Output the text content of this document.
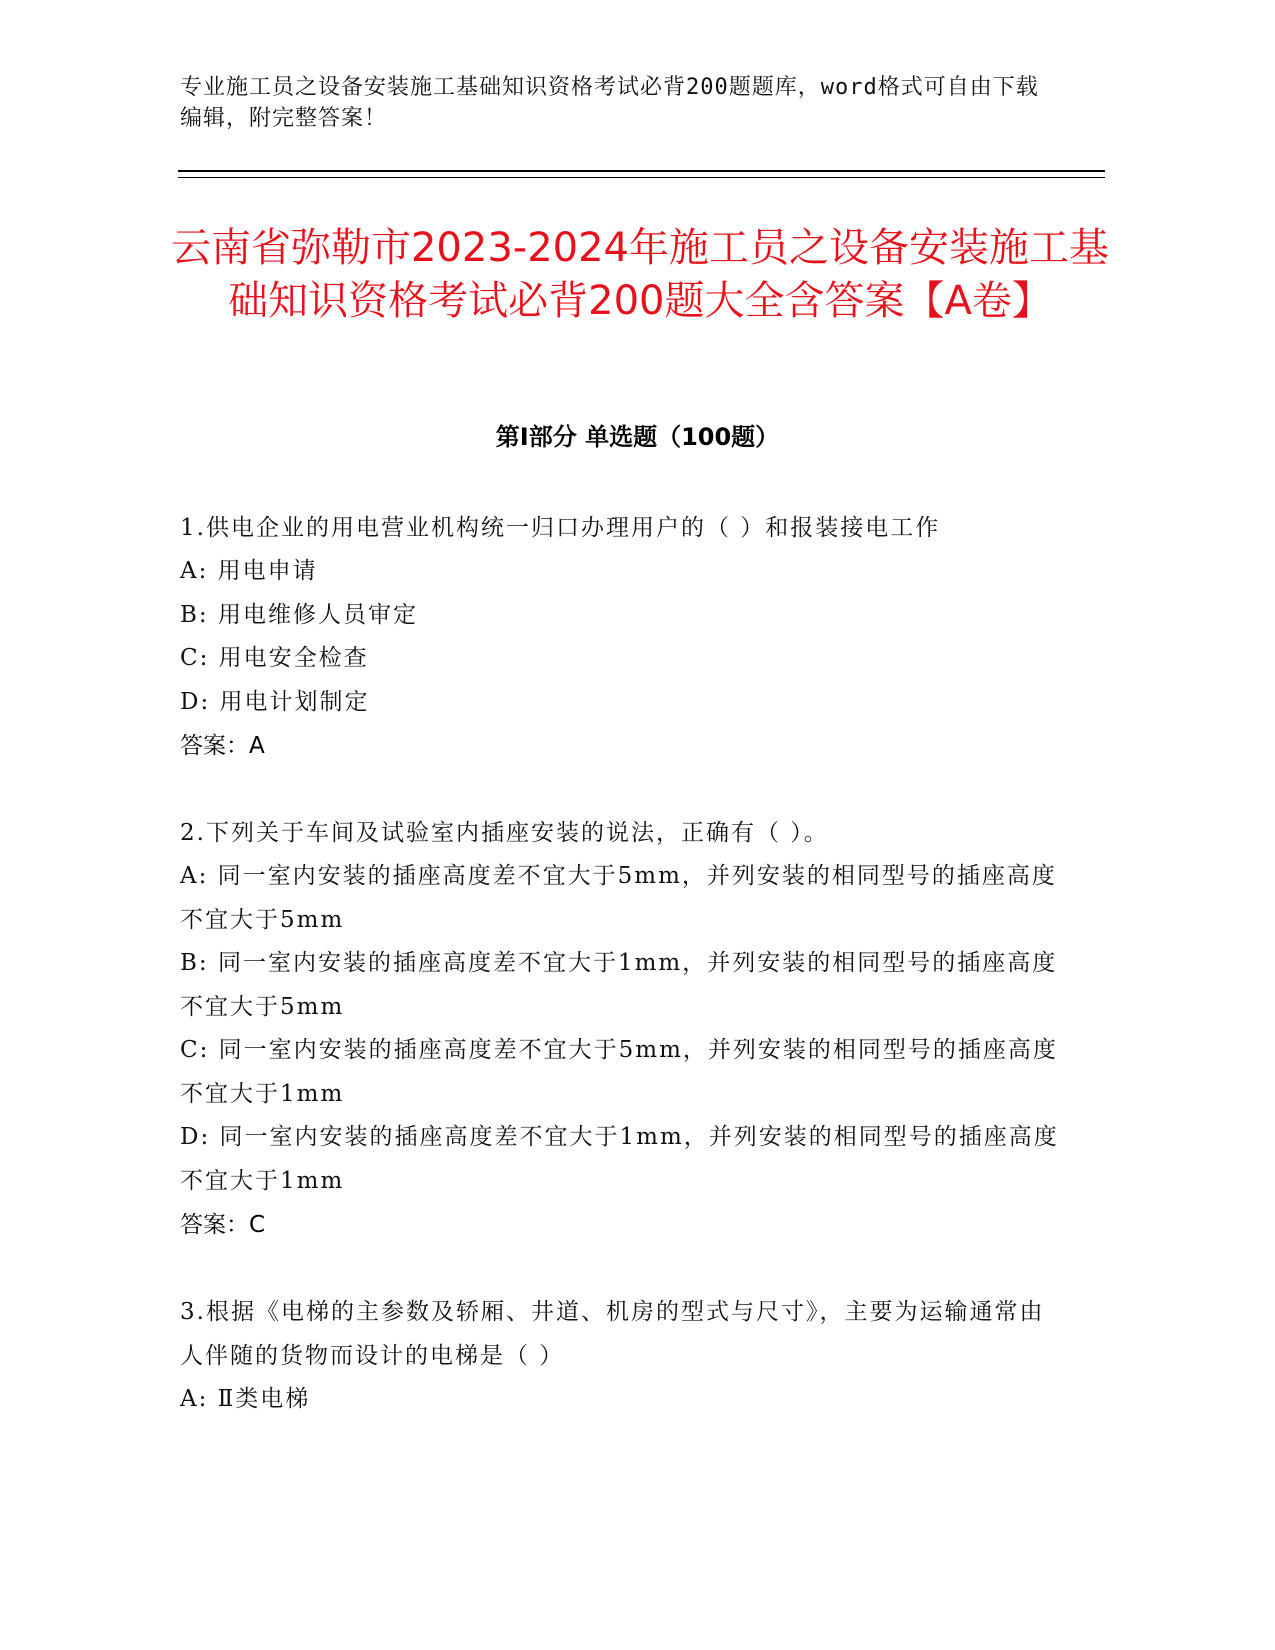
专业施工员之设备安装施工基础知识资格考试必背200题题库，word格式可自由下载编辑，附完整答案！
云南省弥勒市2023-2024年施工员之设备安装施工基础知识资格考试必背200题大全含答案【A卷】
第Ⅰ部分 单选题（100题）
1.供电企业的用电营业机构统一归口办理用户的（ ）和报装接电工作
A: 用电申请
B: 用电维修人员审定
C: 用电安全检查
D: 用电计划制定
答案：A
2.下列关于车间及试验室内插座安装的说法，正确有（ ）。
A: 同一室内安装的插座高度差不宜大于5mm，并列安装的相同型号的插座高度不宜大于5mm
B: 同一室内安装的插座高度差不宜大于1mm，并列安装的相同型号的插座高度不宜大于5mm
C: 同一室内安装的插座高度差不宜大于5mm，并列安装的相同型号的插座高度不宜大于1mm
D: 同一室内安装的插座高度差不宜大于1mm，并列安装的相同型号的插座高度不宜大于1mm
答案：C
3.根据《电梯的主参数及轿厢、井道、机房的型式与尺寸》，主要为运输通常由人伴随的货物而设计的电梯是（ ）
A: Ⅱ类电梯
